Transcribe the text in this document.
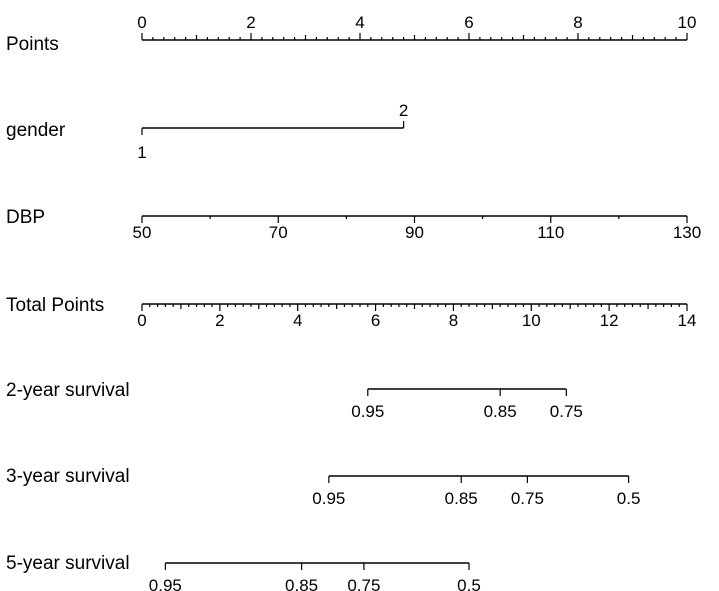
Points
gender
DBP
Total Points
2-year survival
3-year survival
5-year survival
0	2	4	6	8	10
50	70	90	110	130
0	2	4	6	8	10	12	14
1
2
0.95	0.85 0.75
0.95	0.85 0.75	0.5
0.95	0.85 0.75	0.5
